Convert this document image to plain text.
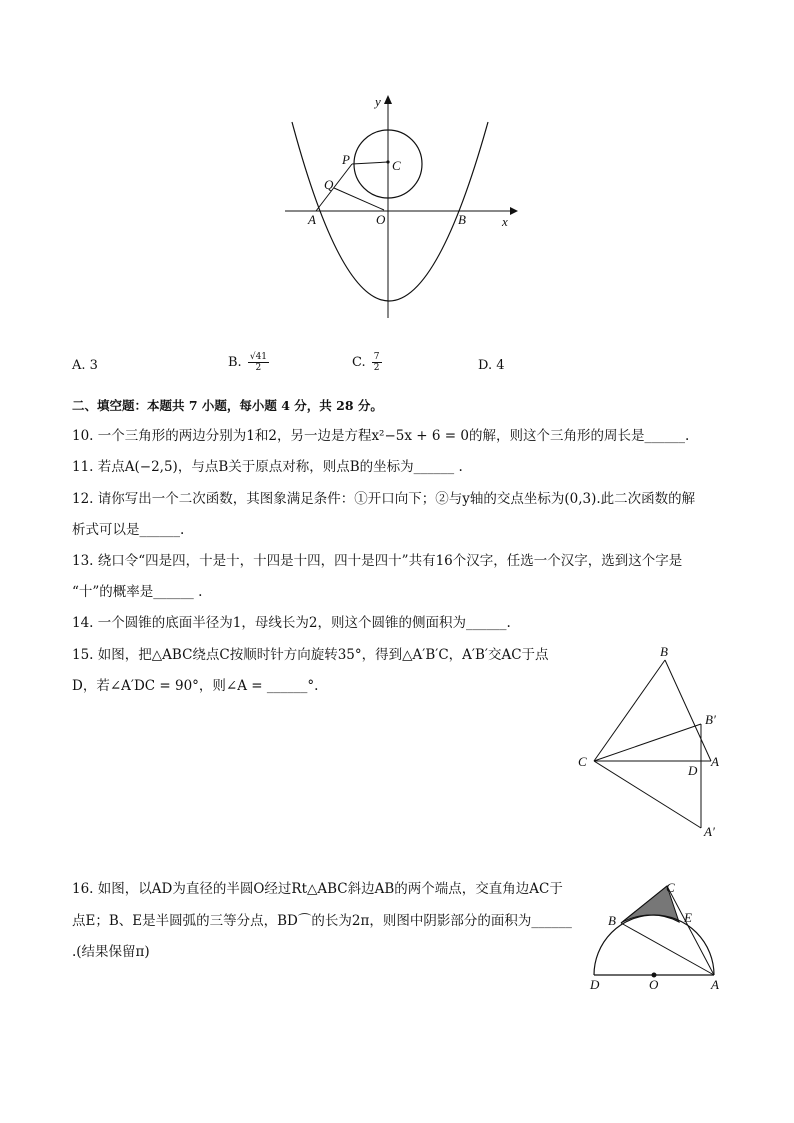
y
x
P	C
Q
A	O	B
A. 3	B. $\frac{√41}{2}$	C. $\frac{7}{2}$	D. 4
二、填空题：本题共 7 小题，每小题 4 分，共 28 分。
10. 一个三角形的两边分别为1和2，另一边是方程x²−5x + 6 = 0的解，则这个三角形的周长是______.
11. 若点A(−2,5)，与点B关于原点对称，则点B的坐标为______ .
12. 请你写出一个二次函数，其图象满足条件：①开口向下；②与y轴的交点坐标为(0,3).此二次函数的解
析式可以是______.
13. 绕口令“四是四，十是十，十四是十四，四十是四十”共有16个汉字，任选一个汉字，选到这个字是
“十”的概率是______ .
14. 一个圆锥的底面半径为1，母线长为2，则这个圆锥的侧面积为______.
15. 如图，把△ABC绕点C按顺时针方向旋转35°，得到△A′B′C，A′B′交AC于点
D，若∠A′DC = 90°，则∠A = ______°.
B
B′
C
D
A
A′
16. 如图，以AD为直径的半圆O经过Rt△ABC斜边AB的两个端点，交直角边AC于
点E；B、E是半圆弧的三等分点，BD⌒的长为2π，则图中阴影部分的面积为______
.(结果保留π)
C
B	E
D	O	A
